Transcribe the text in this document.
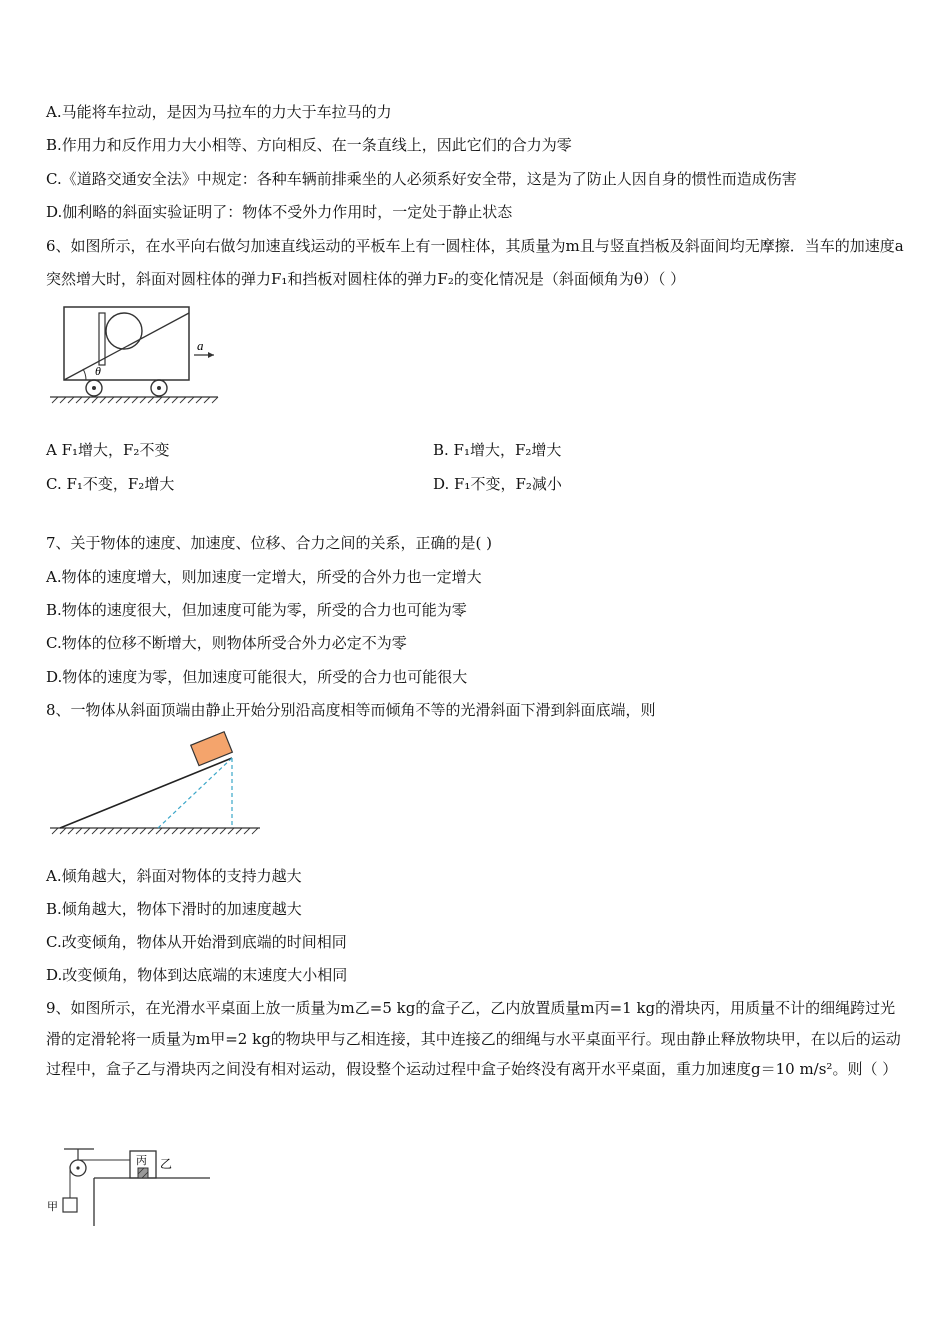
A.马能将车拉动，是因为马拉车的力大于车拉马的力
B.作用力和反作用力大小相等、方向相反、在一条直线上，因此它们的合力为零
C.《道路交通安全法》中规定：各种车辆前排乘坐的人必须系好安全带，这是为了防止人因自身的惯性而造成伤害
D.伽利略的斜面实验证明了：物体不受外力作用时，一定处于静止状态
6、如图所示，在水平向右做匀加速直线运动的平板车上有一圆柱体，其质量为m且与竖直挡板及斜面间均无摩擦．当车的加速度a突然增大时，斜面对圆柱体的弹力F₁和挡板对圆柱体的弹力F₂的变化情况是（斜面倾角为θ）（ ）
a
θ
A F₁增大，F₂不变	B. F₁增大，F₂增大
C. F₁不变，F₂增大	D. F₁不变，F₂减小
7、关于物体的速度、加速度、位移、合力之间的关系，正确的是( )
A.物体的速度增大，则加速度一定增大，所受的合外力也一定增大
B.物体的速度很大，但加速度可能为零，所受的合力也可能为零
C.物体的位移不断增大，则物体所受合外力必定不为零
D.物体的速度为零，但加速度可能很大，所受的合力也可能很大
8、一物体从斜面顶端由静止开始分别沿高度相等而倾角不等的光滑斜面下滑到斜面底端，则
A.倾角越大，斜面对物体的支持力越大
B.倾角越大，物体下滑时的加速度越大
C.改变倾角，物体从开始滑到底端的时间相同
D.改变倾角，物体到达底端的末速度大小相同
9、如图所示，在光滑水平桌面上放一质量为m乙=5 kg的盒子乙，乙内放置质量m丙=1 kg的滑块丙，用质量不计的细绳跨过光滑的定滑轮将一质量为m甲=2 kg的物块甲与乙相连接，其中连接乙的细绳与水平桌面平行。现由静止释放物块甲，在以后的运动过程中，盒子乙与滑块丙之间没有相对运动，假设整个运动过程中盒子始终没有离开水平桌面，重力加速度g＝10 m/s²。则（ ）
丙 乙
甲
